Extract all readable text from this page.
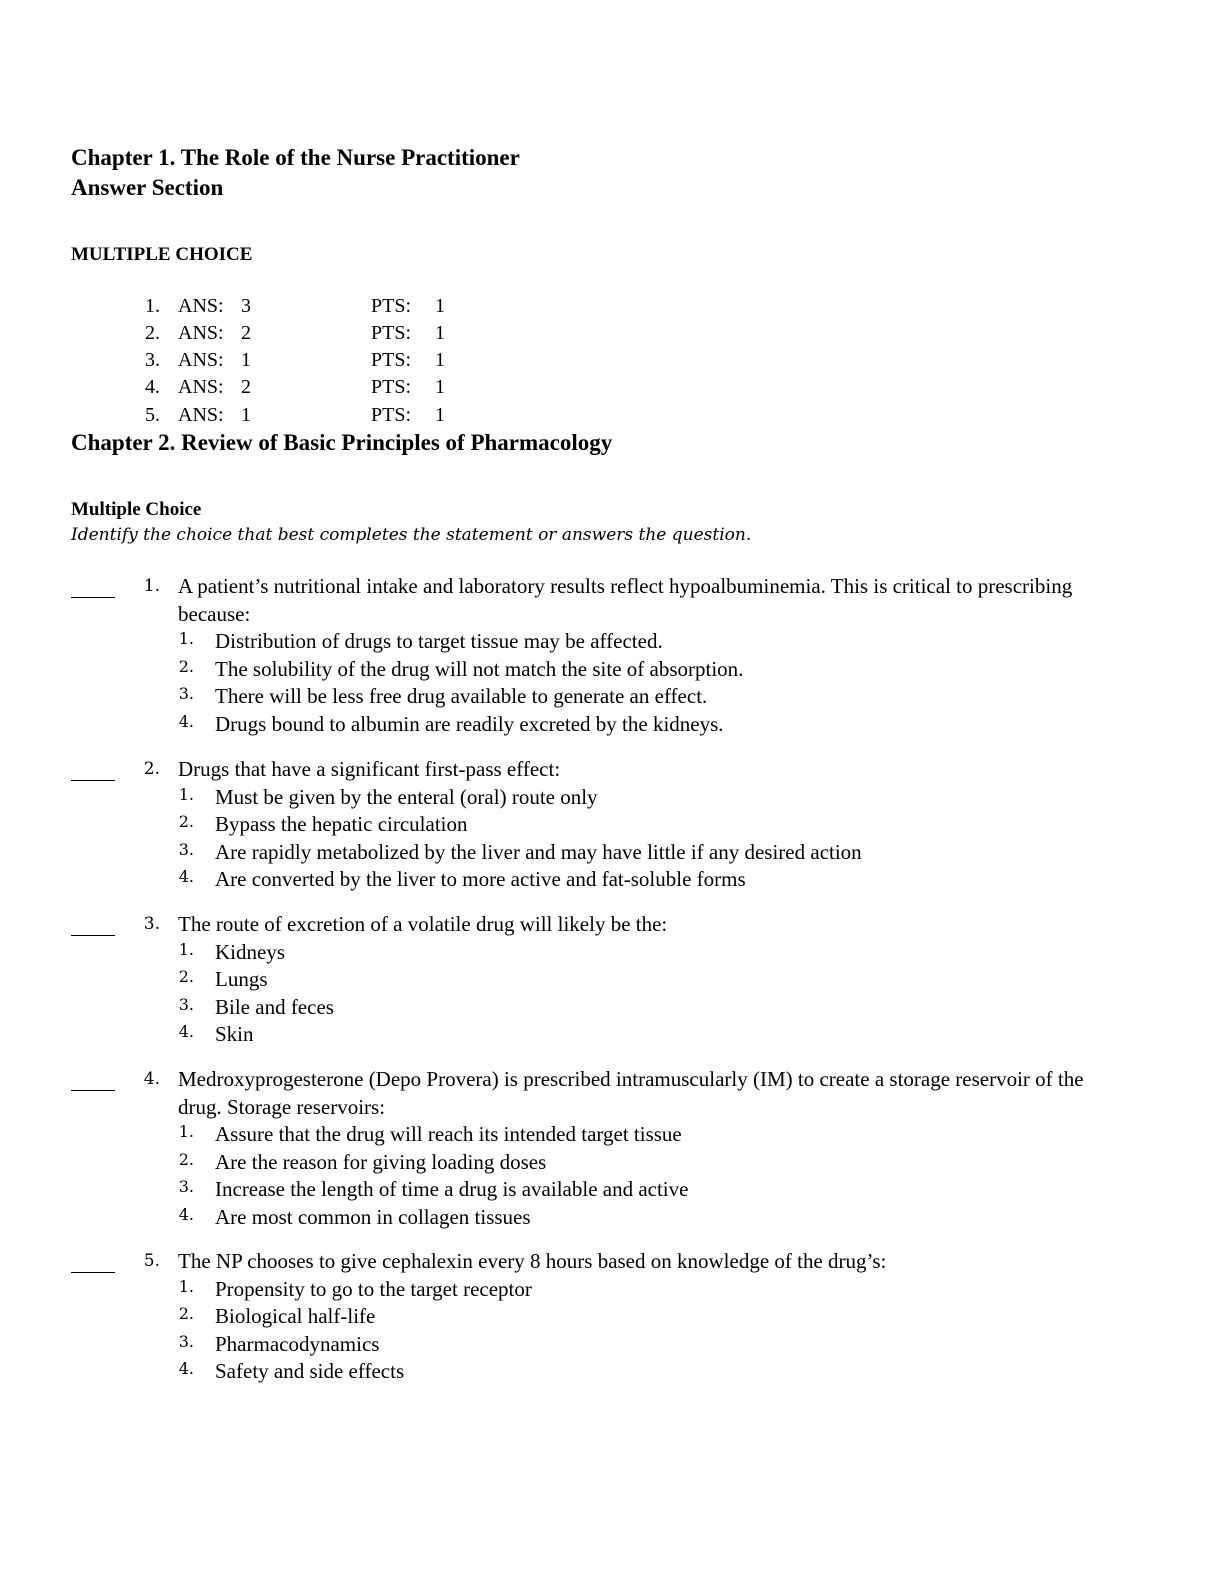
Chapter 1. The Role of the Nurse Practitioner
Answer Section
MULTIPLE CHOICE
1. ANS: 3	PTS: 1
2. ANS: 2	PTS: 1
3. ANS: 1	PTS: 1
4. ANS: 2	PTS: 1
5. ANS: 1	PTS: 1
Chapter 2. Review of Basic Principles of Pharmacology
Multiple Choice
Identify the choice that best completes the statement or answers the question.
1. A patient’s nutritional intake and laboratory results reflect hypoalbuminemia. This is critical to prescribing because:
1. Distribution of drugs to target tissue may be affected.
2. The solubility of the drug will not match the site of absorption.
3. There will be less free drug available to generate an effect.
4. Drugs bound to albumin are readily excreted by the kidneys.
2. Drugs that have a significant first-pass effect:
1. Must be given by the enteral (oral) route only
2. Bypass the hepatic circulation
3. Are rapidly metabolized by the liver and may have little if any desired action
4. Are converted by the liver to more active and fat-soluble forms
3. The route of excretion of a volatile drug will likely be the:
1. Kidneys
2. Lungs
3. Bile and feces
4. Skin
4. Medroxyprogesterone (Depo Provera) is prescribed intramuscularly (IM) to create a storage reservoir of the drug. Storage reservoirs:
1. Assure that the drug will reach its intended target tissue
2. Are the reason for giving loading doses
3. Increase the length of time a drug is available and active
4. Are most common in collagen tissues
5. The NP chooses to give cephalexin every 8 hours based on knowledge of the drug’s:
1. Propensity to go to the target receptor
2. Biological half-life
3. Pharmacodynamics
4. Safety and side effects
